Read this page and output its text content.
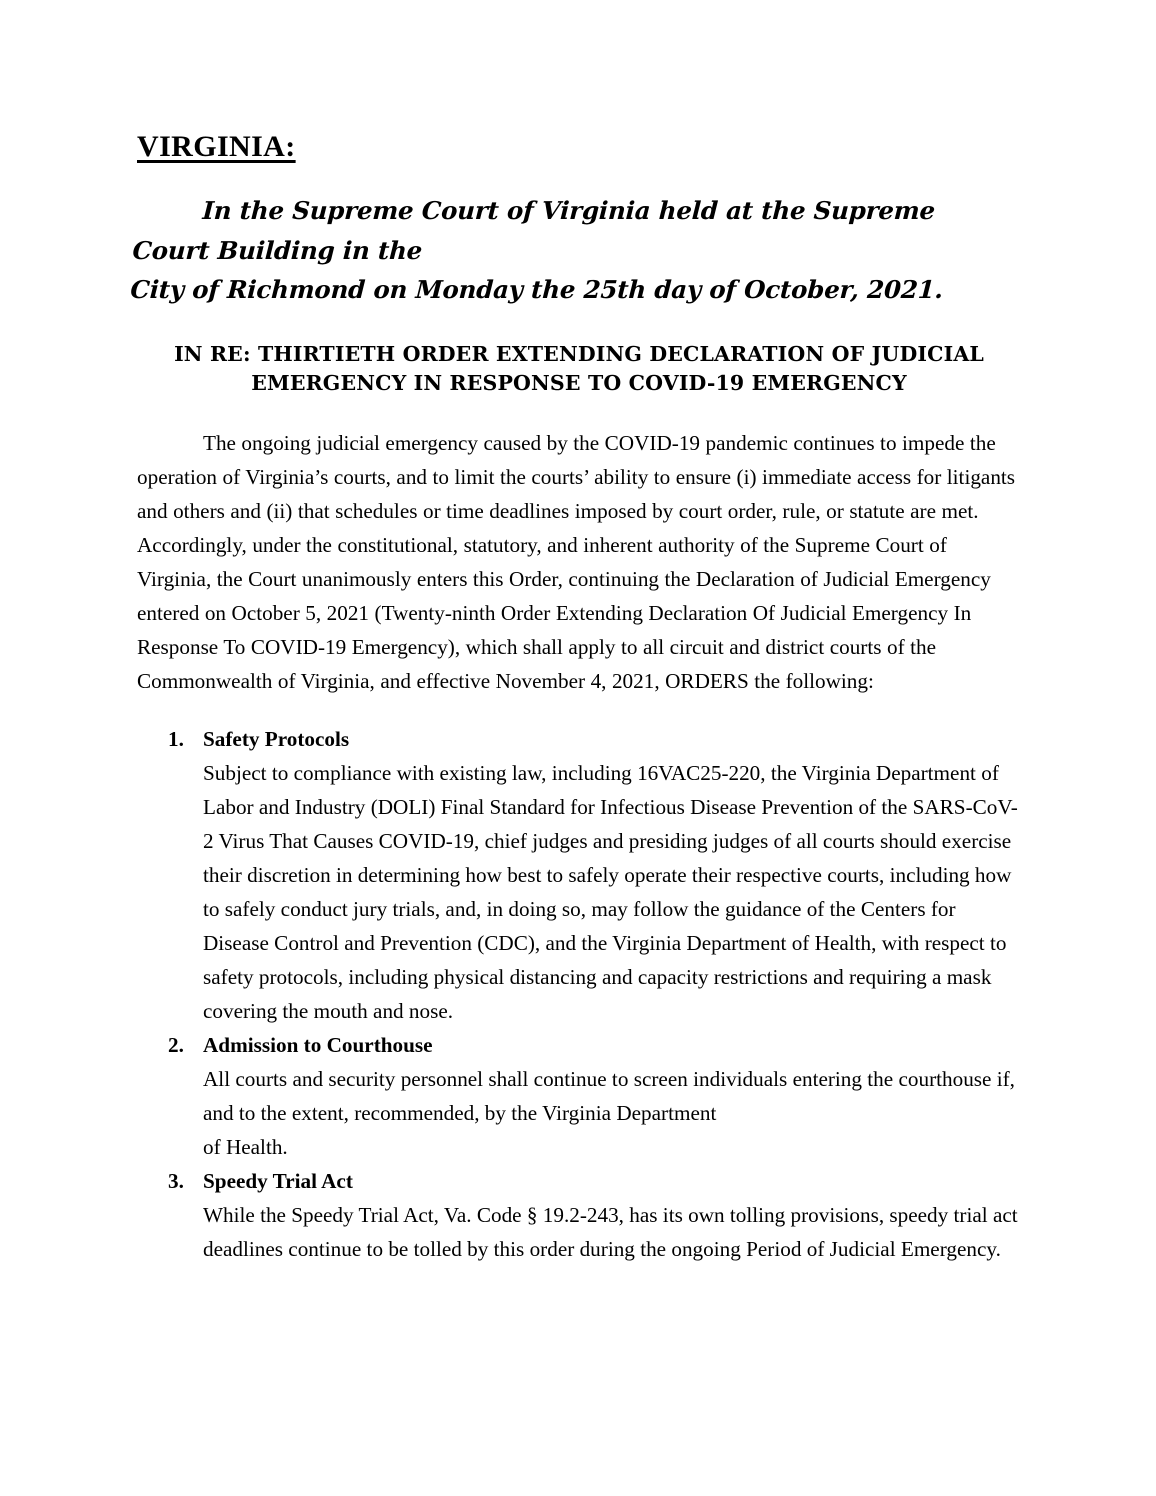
VIRGINIA:
In the Supreme Court of Virginia held at the Supreme Court Building in the
City of Richmond on Monday the 25th day of October, 2021.
IN RE: THIRTIETH ORDER EXTENDING DECLARATION OF JUDICIAL
EMERGENCY IN RESPONSE TO COVID-19 EMERGENCY

The ongoing judicial emergency caused by the COVID-19 pandemic continues to impede the operation of Virginia’s courts, and to limit the courts’ ability to ensure (i) immediate access for litigants and others and (ii) that schedules or time deadlines imposed by court order, rule, or statute are met. Accordingly, under the constitutional, statutory, and inherent authority of the Supreme Court of Virginia, the Court unanimously enters this Order, continuing the Declaration of Judicial Emergency entered on October 5, 2021 (Twenty-ninth Order Extending Declaration Of Judicial Emergency In Response To COVID-19 Emergency), which shall apply to all circuit and district courts of the Commonwealth of Virginia, and effective November 4, 2021, ORDERS the following:

1. Safety Protocols

Subject to compliance with existing law, including 16VAC25-220, the Virginia Department of Labor and Industry (DOLI) Final Standard for Infectious Disease Prevention of the SARS-CoV-2 Virus That Causes COVID-19, chief judges and presiding judges of all courts should exercise their discretion in determining how best to safely operate their respective courts, including how to safely conduct jury trials, and, in doing so, may follow the guidance of the Centers for Disease Control and Prevention (CDC), and the Virginia Department of Health, with respect to safety protocols, including physical distancing and capacity restrictions and requiring a mask covering the mouth and nose.

2. Admission to Courthouse

All courts and security personnel shall continue to screen individuals entering the courthouse if, and to the extent, recommended, by the Virginia Department
of Health.

3. Speedy Trial Act

While the Speedy Trial Act, Va. Code § 19.2-243, has its own tolling provisions, speedy trial act deadlines continue to be tolled by this order during the ongoing Period of Judicial Emergency.
